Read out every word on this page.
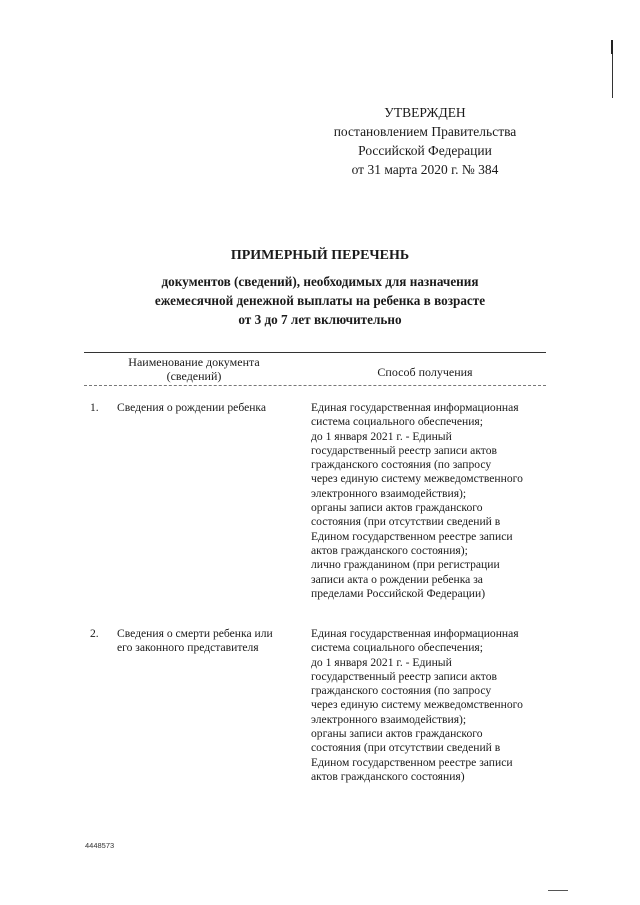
УТВЕРЖДЕН
постановлением Правительства
Российской Федерации
от 31 марта 2020 г. № 384
ПРИМЕРНЫЙ ПЕРЕЧЕНЬ
документов (сведений), необходимых для назначения
ежемесячной денежной выплаты на ребенка в возрасте
от 3 до 7 лет включительно
Наименование документа
(сведений)	Способ получения
1. Сведения о рождении ребенка	Единая государственная информационная
система социального обеспечения;
до 1 января 2021 г. - Единый
государственный реестр записи актов
гражданского состояния (по запросу
через единую систему межведомственного
электронного взаимодействия);
органы записи актов гражданского
состояния (при отсутствии сведений в
Едином государственном реестре записи
актов гражданского состояния);
лично гражданином (при регистрации
записи акта о рождении ребенка за
пределами Российской Федерации)
2. Сведения о смерти ребенка или
его законного представителя
Единая государственная информационная
система социального обеспечения;
до 1 января 2021 г. - Единый
государственный реестр записи актов
гражданского состояния (по запросу
через единую систему межведомственного
электронного взаимодействия);
органы записи актов гражданского
состояния (при отсутствии сведений в
Едином государственном реестре записи
актов гражданского состояния)
4448573
